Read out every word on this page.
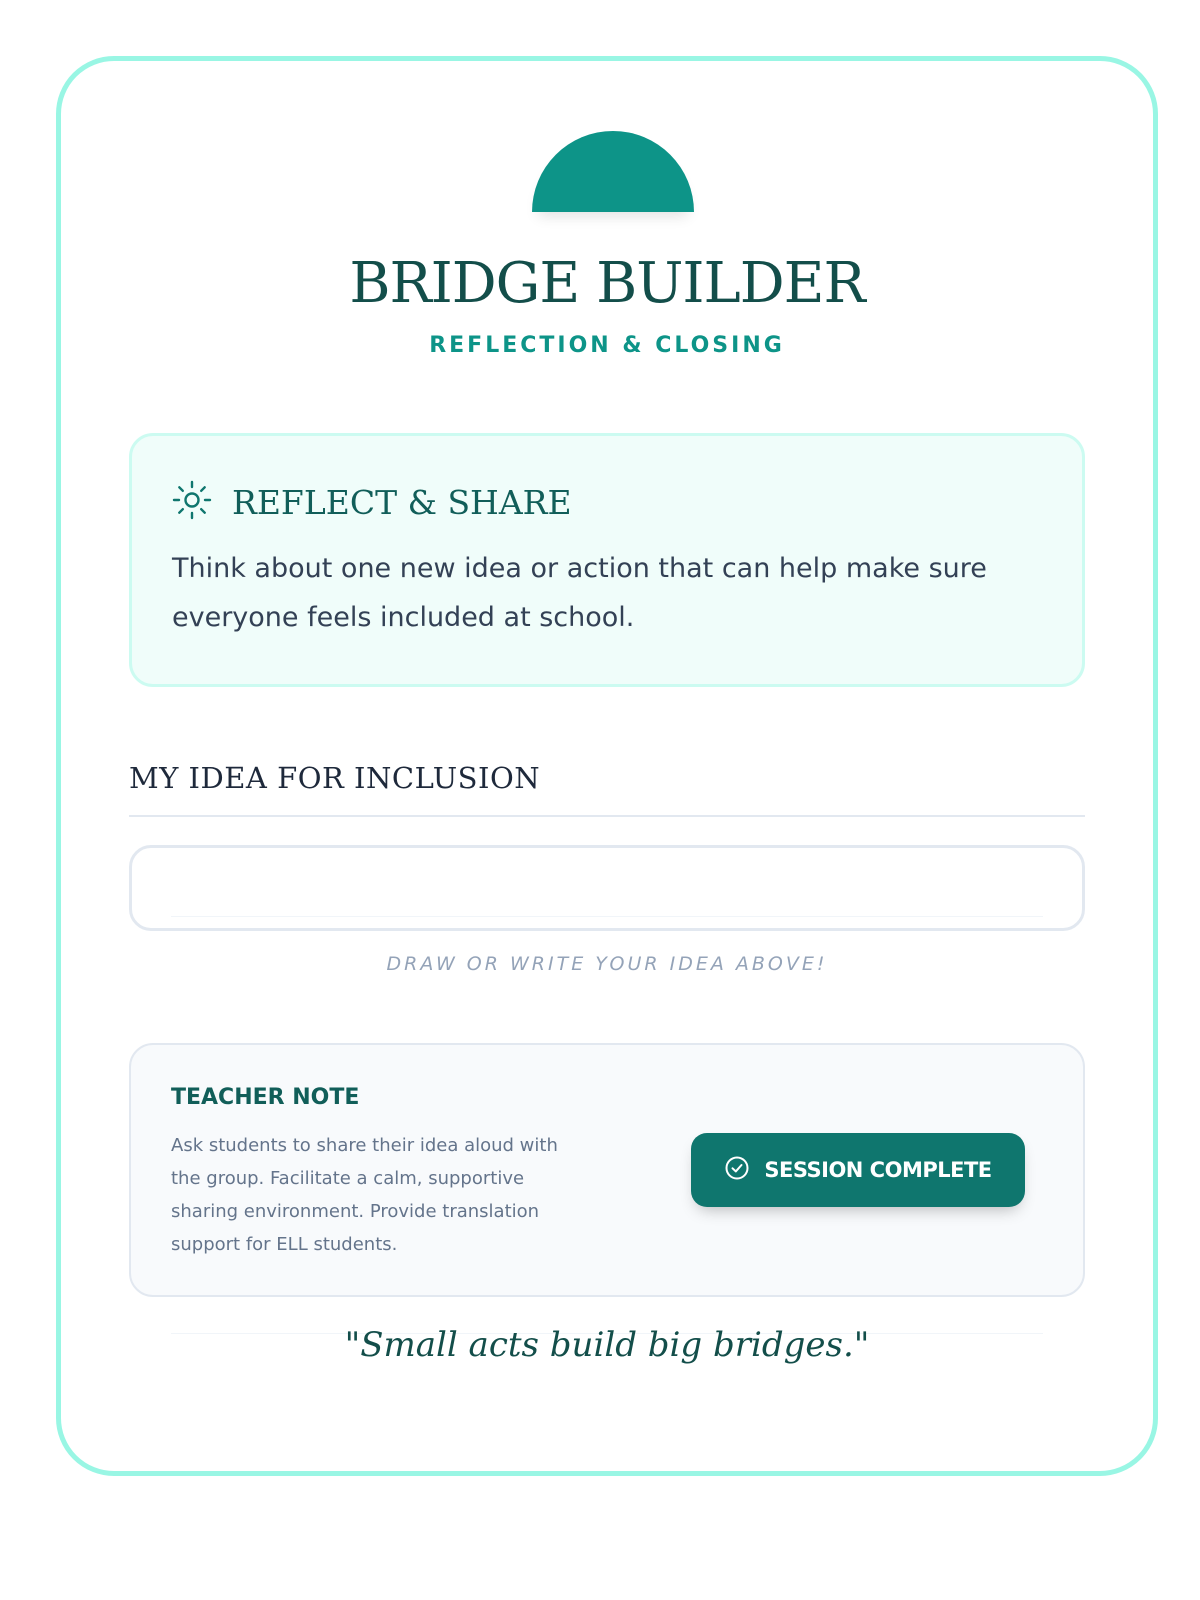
BRIDGE BUILDER
REFLECTION & CLOSING
REFLECT & SHARE
Think about one new idea or action that can help make sure everyone feels included at school.
MY IDEA FOR INCLUSION
DRAW OR WRITE YOUR IDEA ABOVE!
TEACHER NOTE
Ask students to share their idea aloud with the group. Facilitate a calm, supportive sharing environment. Provide translation support for ELL students.
SESSION COMPLETE
"Small acts build big bridges."
